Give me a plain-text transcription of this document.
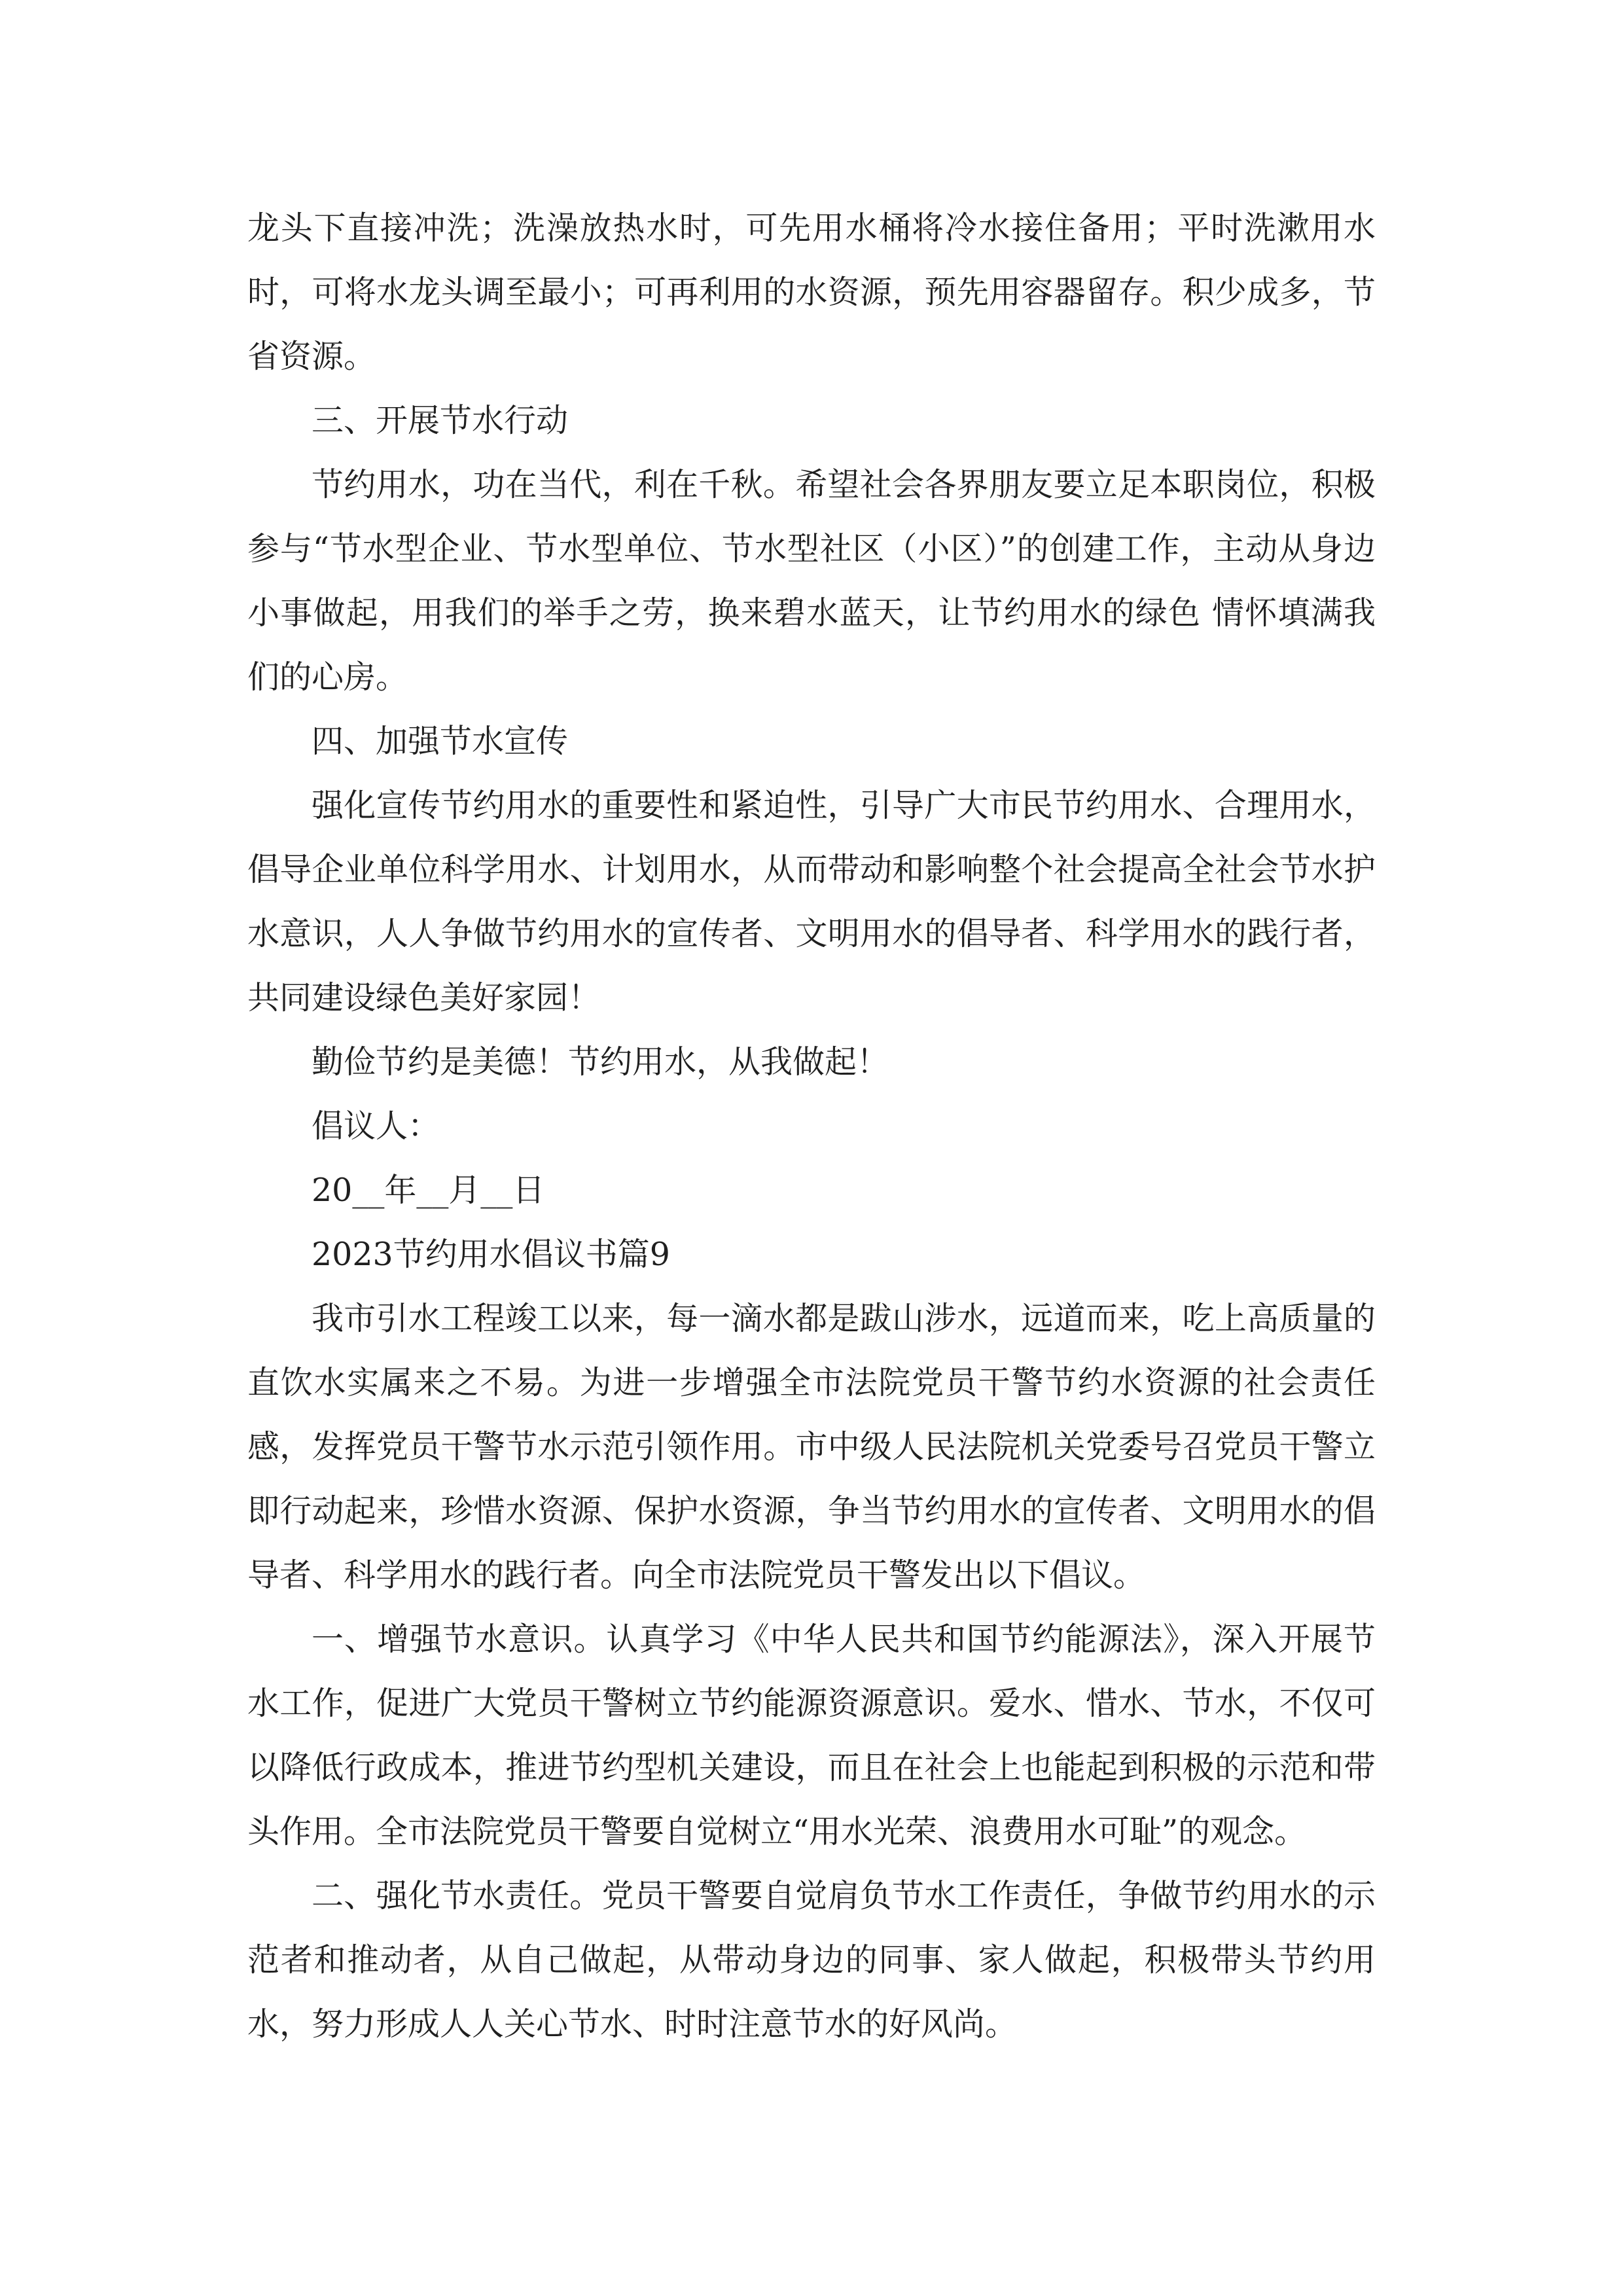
龙头下直接冲洗；洗澡放热水时，可先用水桶将冷水接住备用；平时洗漱用水时，可将水龙头调至最小；可再利用的水资源，预先用容器留存。积少成多，节省资源。

三、开展节水行动

节约用水，功在当代，利在千秋。希望社会各界朋友要立足本职岗位，积极参与“节水型企业、节水型单位、节水型社区（小区）”的创建工作，主动从身边小事做起，用我们的举手之劳，换来碧水蓝天，让节约用水的绿色 情怀填满我们的心房。

四、加强节水宣传

强化宣传节约用水的重要性和紧迫性，引导广大市民节约用水、合理用水，倡导企业单位科学用水、计划用水，从而带动和影响整个社会提高全社会节水护水意识，人人争做节约用水的宣传者、文明用水的倡导者、科学用水的践行者，共同建设绿色美好家园！

勤俭节约是美德！节约用水，从我做起！

倡议人：

20__年__月__日

2023节约用水倡议书篇9

我市引水工程竣工以来，每一滴水都是跋山涉水，远道而来，吃上高质量的直饮水实属来之不易。为进一步增强全市法院党员干警节约水资源的社会责任感，发挥党员干警节水示范引领作用。市中级人民法院机关党委号召党员干警立即行动起来，珍惜水资源、保护水资源，争当节约用水的宣传者、文明用水的倡导者、科学用水的践行者。向全市法院党员干警发出以下倡议。

一、增强节水意识。认真学习《中华人民共和国节约能源法》，深入开展节水工作，促进广大党员干警树立节约能源资源意识。爱水、惜水、节水，不仅可以降低行政成本，推进节约型机关建设，而且在社会上也能起到积极的示范和带头作用。全市法院党员干警要自觉树立“用水光荣、浪费用水可耻”的观念。

二、强化节水责任。党员干警要自觉肩负节水工作责任，争做节约用水的示范者和推动者，从自己做起，从带动身边的同事、家人做起，积极带头节约用水，努力形成人人关心节水、时时注意节水的好风尚。
